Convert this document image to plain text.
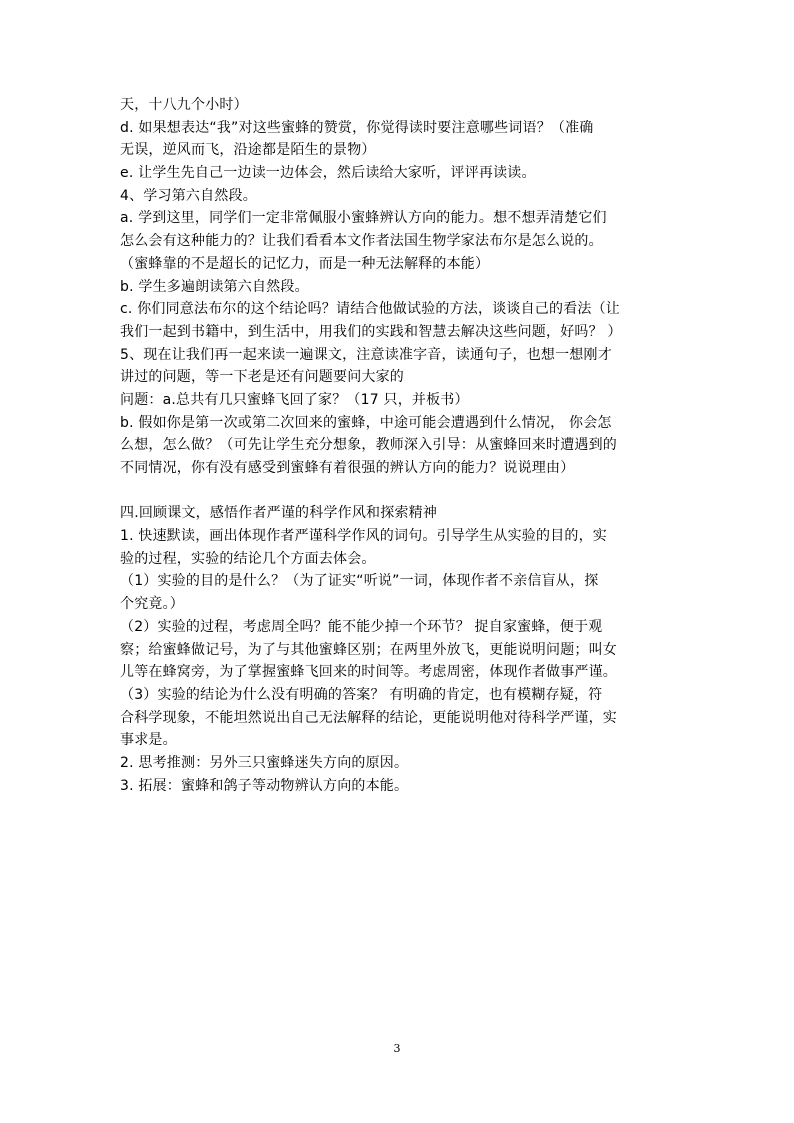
天，十八九个小时）
d. 如果想表达“我”对这些蜜蜂的赞赏，你觉得读时要注意哪些词语？（准确
无误，逆风而飞，沿途都是陌生的景物）
e. 让学生先自己一边读一边体会，然后读给大家听，评评再读读。
4、学习第六自然段。
a. 学到这里，同学们一定非常佩服小蜜蜂辨认方向的能力。想不想弄清楚它们
怎么会有这种能力的？让我们看看本文作者法国生物学家法布尔是怎么说的。
（蜜蜂靠的不是超长的记忆力，而是一种无法解释的本能）
b. 学生多遍朗读第六自然段。
c. 你们同意法布尔的这个结论吗？请结合他做试验的方法，谈谈自己的看法（让
我们一起到书籍中，到生活中，用我们的实践和智慧去解决这些问题，好吗？ ）
5、现在让我们再一起来读一遍课文，注意读准字音，读通句子，也想一想刚才
讲过的问题，等一下老是还有问题要问大家的
问题：a.总共有几只蜜蜂飞回了家？（17 只，并板书）
b. 假如你是第一次或第二次回来的蜜蜂，中途可能会遭遇到什么情况， 你会怎
么想，怎么做？（可先让学生充分想象，教师深入引导：从蜜蜂回来时遭遇到的
不同情况，你有没有感受到蜜蜂有着很强的辨认方向的能力？说说理由）
四.回顾课文，感悟作者严谨的科学作风和探索精神
1. 快速默读，画出体现作者严谨科学作风的词句。引导学生从实验的目的，实
验的过程，实验的结论几个方面去体会。
（1）实验的目的是什么？（为了证实“听说”一词，体现作者不亲信盲从，探
个究竟。）
（2）实验的过程，考虑周全吗？能不能少掉一个环节？ 捉自家蜜蜂，便于观
察；给蜜蜂做记号，为了与其他蜜蜂区别；在两里外放飞，更能说明问题；叫女
儿等在蜂窝旁，为了掌握蜜蜂飞回来的时间等。考虑周密，体现作者做事严谨。
（3）实验的结论为什么没有明确的答案？ 有明确的肯定，也有模糊存疑，符
合科学现象，不能坦然说出自己无法解释的结论，更能说明他对待科学严谨，实
事求是。
2. 思考推测：另外三只蜜蜂迷失方向的原因。
3. 拓展：蜜蜂和鸽子等动物辨认方向的本能。
3
